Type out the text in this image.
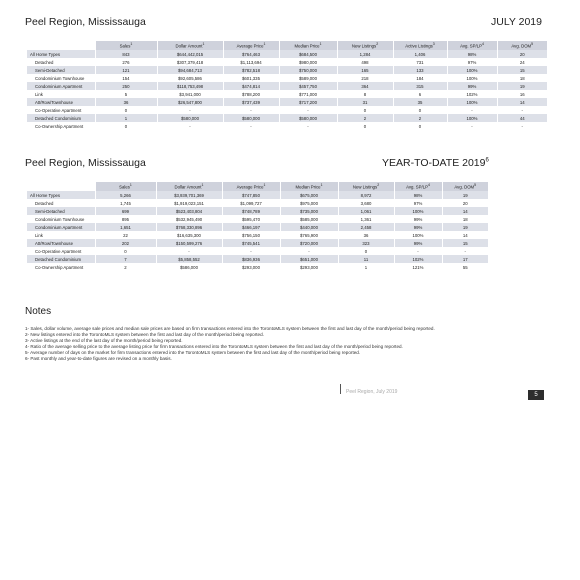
Peel Region, Mississauga	JULY 2019
	Sales$^1$	Dollar Amount$^1$	Average Price$^1$	Median Price$^1$	New Listings$^2$	Active Listings$^3$	Avg. $SP/LP^4$	Avg. DOM$^5$
All Home Types	843	$644,442,015	$764,463	$684,500	1,284	1,406	98%	20
Detached	276	$307,379,418	$1,113,694	$980,000	498	731	97%	24
Semi-Detached	121	$94,684,713	$782,518	$750,000	165	133	100%	15
Condominium Townhouse	154	$92,605,586	$601,335	$589,000	218	184	100%	18
Condominium Apartment	250	$118,753,498	$474,814	$457,750	364	315	99%	19
Link	5	$3,941,000	$788,200	$771,000	8	6	102%	16
Att/Row/Townhouse	36	$26,547,800	$737,439	$717,200	31	35	100%	14
Co-Operative Apartment	0	-	-	-	0	0	-	-
Detached Condominium	1	$580,000	$580,000	$580,000	2	2	100%	44
Co-Ownership Apartment	0	-	-	-	0	0	-	-
Peel Region, Mississauga	YEAR-TO-DATE 2019$^6$
	Sales$^1$	Dollar Amount$^1$	Average Price$^1$	Median Price$^1$	New Listings$^2$	Avg. $SP/LP^4$	Avg. DOM$^5$
All Home Types	5,266	$3,939,701,369	$747,850	$675,000	8,972	98%	19
Detached	1,745	$1,919,023,151	$1,099,727	$975,000	3,680	97%	20
Semi-Detached	699	$523,403,804	$748,789	$735,000	1,061	100%	14
Condominium Townhouse	895	$532,945,490	$595,470	$585,000	1,361	99%	18
Condominium Apartment	1,651	$768,330,896	$466,197	$440,000	2,458	99%	19
Link	22	$16,635,300	$756,150	$765,900	36	100%	14
Att/Row/Townhouse	202	$150,599,276	$745,541	$720,000	323	99%	15
Co-Operative Apartment	0	-	-	-	0	-	-
Detached Condominium	7	$5,858,552	$836,936	$651,000	11	102%	17
Co-Ownership Apartment	2	$586,000	$293,000	$293,000	1	121%	55
Notes

1- Sales, dollar volume, average sale prices and median sale prices are based on firm transactions entered into the TorontoMLS system between the first and last day of the month/period being reported.

2- New listings entered into the TorontoMLS system between the first and last day of the month/period being reported.

3- Active listings at the end of the last day of the month/period being reported.

4- Ratio of the average selling price to the average listing price for firm transactions entered into the TorontoMLS system between the first and last day of the month/period being reported.

5- Average number of days on the market for firm transactions entered into the TorontoMLS system between the first and last day of the month/period being reported.

6- Past monthly and year-to-date figures are revised on a monthly basis.

Peel Region, July 2019	5
